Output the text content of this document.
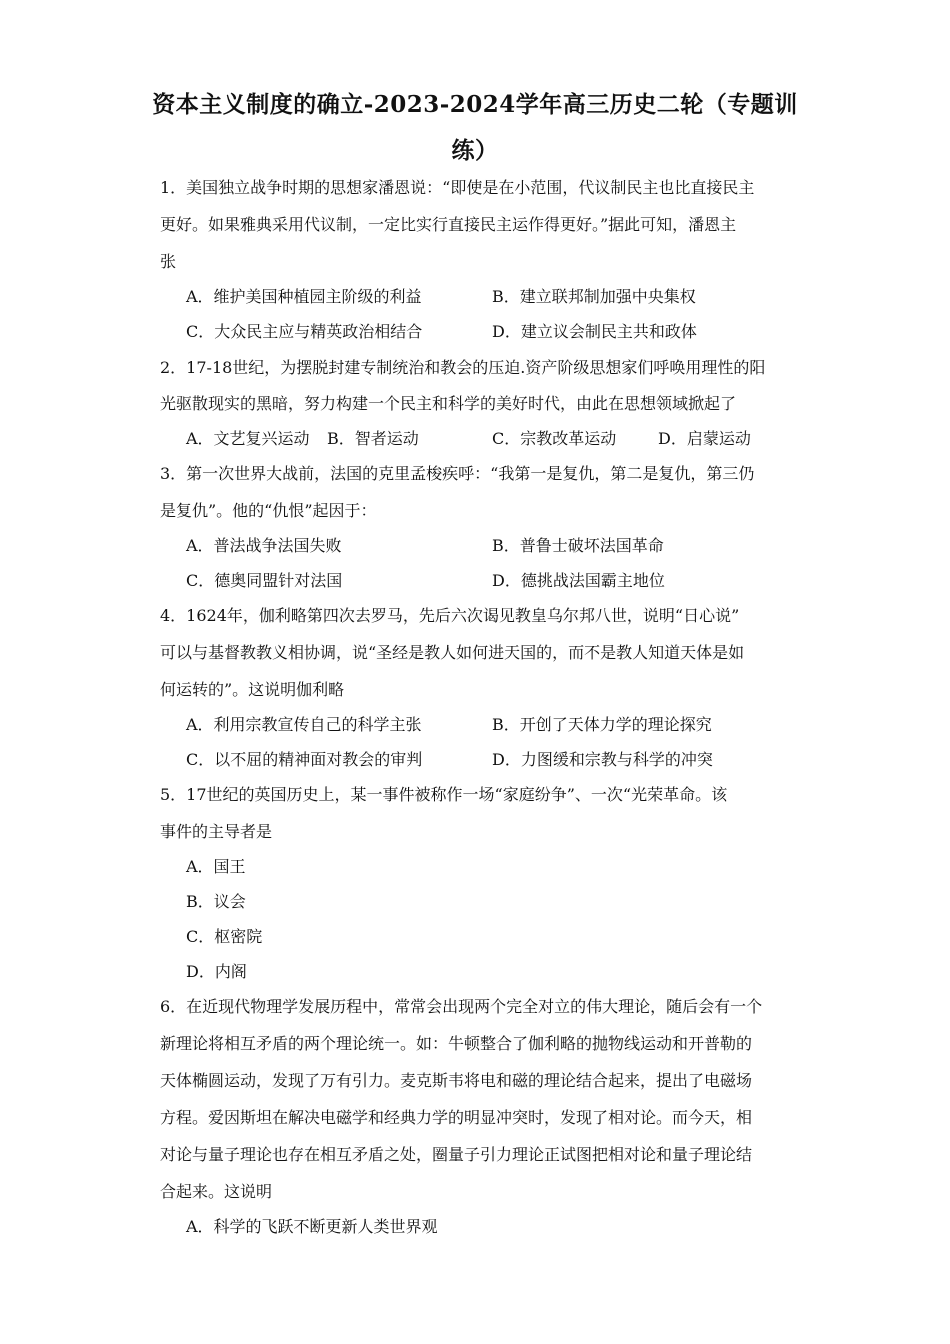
资本主义制度的确立-2023-2024学年高三历史二轮（专题训
练）
1．美国独立战争时期的思想家潘恩说：“即使是在小范围，代议制民主也比直接民主
更好。如果雅典采用代议制，一定比实行直接民主运作得更好。”据此可知，潘恩主
张
A．维护美国种植园主阶级的利益	B．建立联邦制加强中央集权
C．大众民主应与精英政治相结合	D．建立议会制民主共和政体
2．17-18世纪，为摆脱封建专制统治和教会的压迫.资产阶级思想家们呼唤用理性的阳
光驱散现实的黑暗，努力构建一个民主和科学的美好时代，由此在思想领域掀起了
A．文艺复兴运动 B．智者运动	C．宗教改革运动	D．启蒙运动
3．第一次世界大战前，法国的克里孟梭疾呼：“我第一是复仇，第二是复仇，第三仍
是复仇”。他的“仇恨”起因于：
A．普法战争法国失败	B．普鲁士破坏法国革命
C．德奥同盟针对法国	D．德挑战法国霸主地位
4．1624年，伽利略第四次去罗马，先后六次谒见教皇乌尔邦八世，说明“日心说”
可以与基督教教义相协调，说“圣经是教人如何进天国的，而不是教人知道天体是如
何运转的”。这说明伽利略
A．利用宗教宣传自己的科学主张	B．开创了天体力学的理论探究
C．以不屈的精神面对教会的审判	D．力图缓和宗教与科学的冲突
5．17世纪的英国历史上，某一事件被称作一场“家庭纷争”、一次“光荣革命。该
事件的主导者是
A．国王
B．议会
C．枢密院
D．内阁
6．在近现代物理学发展历程中，常常会出现两个完全对立的伟大理论，随后会有一个
新理论将相互矛盾的两个理论统一。如：牛顿整合了伽利略的抛物线运动和开普勒的
天体椭圆运动，发现了万有引力。麦克斯韦将电和磁的理论结合起来，提出了电磁场
方程。爱因斯坦在解决电磁学和经典力学的明显冲突时，发现了相对论。而今天，相
对论与量子理论也存在相互矛盾之处，圈量子引力理论正试图把相对论和量子理论结
合起来。这说明
A．科学的飞跃不断更新人类世界观
